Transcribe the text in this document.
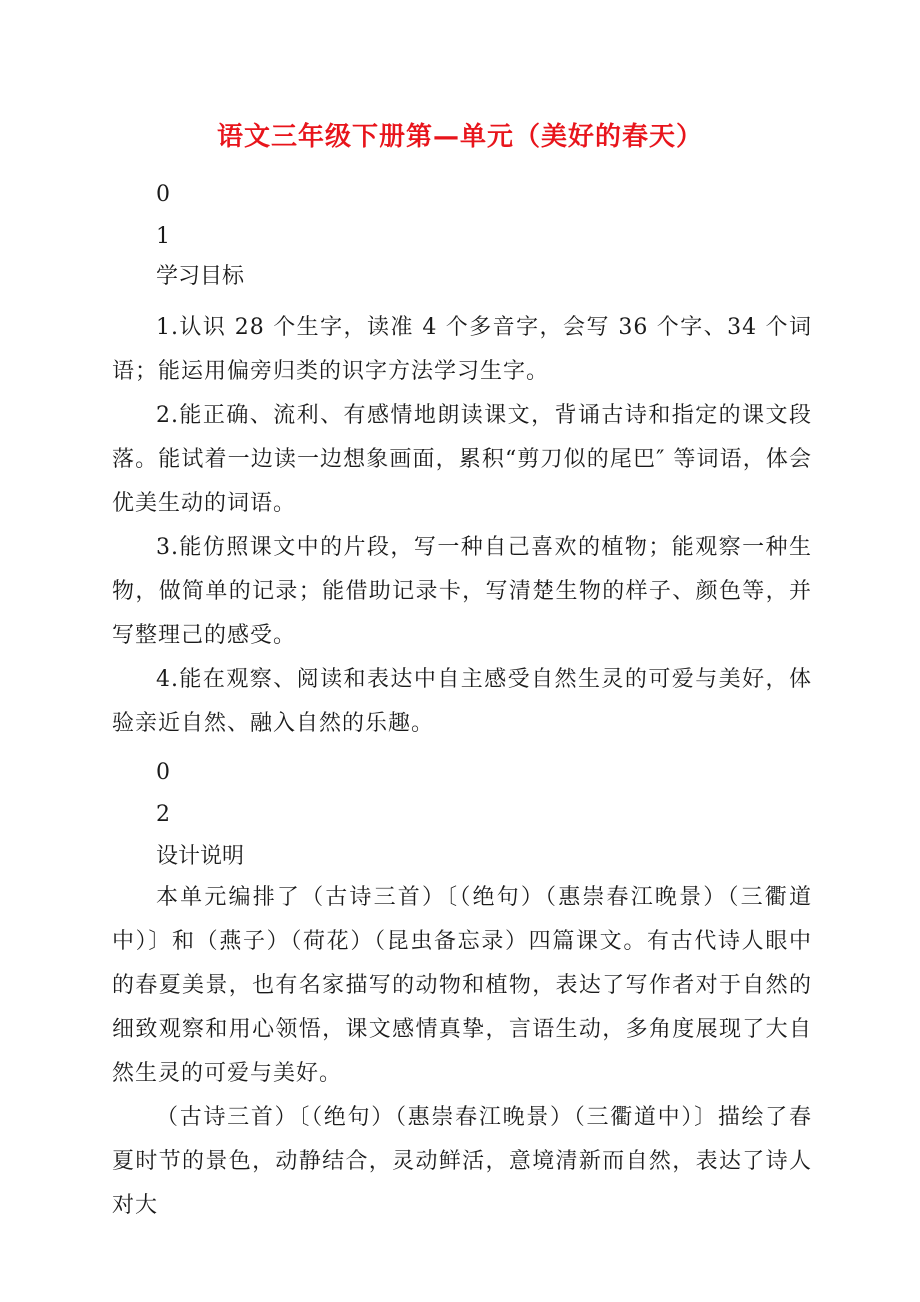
语文三年级下册第—单元（美好的春天）
0
1
学习目标

1.认识 28 个生字，读准 4 个多音字，会写 36 个字、34 个词语；能运用偏旁归类的识字方法学习生字。

2.能正确、流利、有感情地朗读课文，背诵古诗和指定的课文段落。能试着一边读一边想象画面，累积“剪刀似的尾巴″ 等词语，体会优美生动的词语。

3.能仿照课文中的片段，写一种自己喜欢的植物；能观察一种生物，做简单的记录；能借助记录卡，写清楚生物的样子、颜色等，并写整理己的感受。

4.能在观察、阅读和表达中自主感受自然生灵的可爱与美好，体验亲近自然、融入自然的乐趣。

0
2
设计说明

本单元编排了（古诗三首）〔（绝句）（惠崇春江晚景）（三衢道中）〕和（燕子）（荷花）（昆虫备忘录）四篇课文。有古代诗人眼中的春夏美景，也有名家描写的动物和植物，表达了写作者对于自然的细致观察和用心领悟，课文感情真挚，言语生动，多角度展现了大自然生灵的可爱与美好。

（古诗三首）〔（绝句）（惠崇春江晚景）（三衢道中）〕描绘了春夏时节的景色，动静结合，灵动鲜活，意境清新而自然，表达了诗人对大
